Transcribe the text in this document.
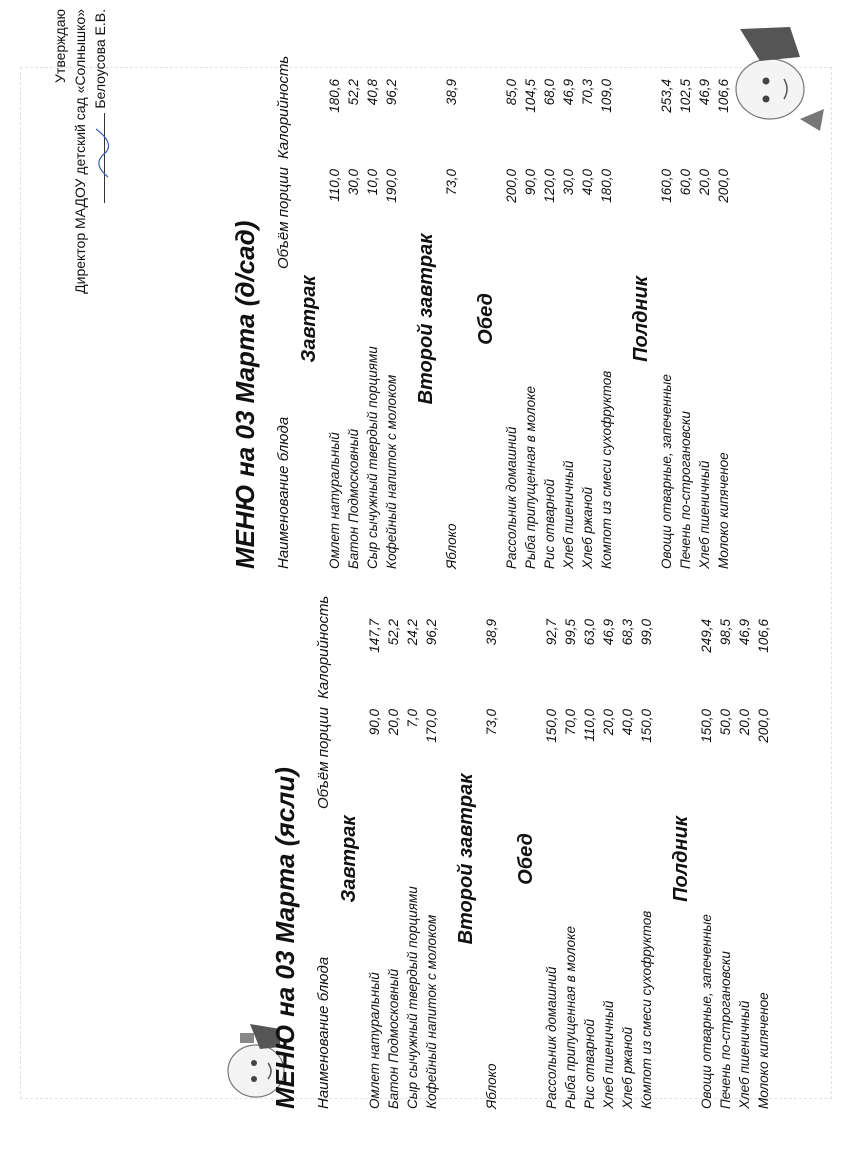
МЕНЮ на 03 Марта (ясли) Наименование блюда
Объём порции
Калорийность
Завтрак
Омлет натуральный
90,0
147,7
Батон Подмосковный
20,0
52,2
Сыр сычужный твердый порциями
7,0
24,2
Кофейный напиток с молоком
170,0
96,2
Второй завтрак
Яблоко
73,0
38,9
Обед
Рассольник домашний
150,0
92,7
Рыба припущенная в молоке
70,0
99,5
Рис отварной
110,0
63,0
Хлеб пшеничный
20,0
46,9
Хлеб ржаной
40,0
68,3
Компот из смеси сухофруктов
150,0
99,0
Полдник
Овощи отварные, запеченные
150,0
249,4
Печень по-строгановски
50,0
98,5
Хлеб пшеничный
20,0
46,9
Молоко кипяченое
200,0
106,6
МЕНЮ на 03 Марта (д/сад) Наименование блюда
Объём порции
Калорийность
Завтрак
Омлет натуральный
110,0
180,6
Батон Подмосковный
30,0
52,2
Сыр сычужный твердый порциями
10,0
40,8
Кофейный напиток с молоком
190,0
96,2
Второй завтрак
Яблоко
73,0
38,9
Обед
Рассольник домашний
200,0
85,0
Рыба припущенная в молоке
90,0
104,5
Рис отварной
120,0
68,0
Хлеб пшеничный
30,0
46,9
Хлеб ржаной
40,0
70,3
Компот из смеси сухофруктов
180,0
109,0
Полдник
Овощи отварные, запеченные
160,0
253,4
Печень по-строгановски
60,0
102,5
Хлеб пшеничный
20,0
46,9
Молоко кипяченое
200,0
106,6
Утверждаю Директор МАДОУ детский сад «Солнышко» Белоусова Е.В.
